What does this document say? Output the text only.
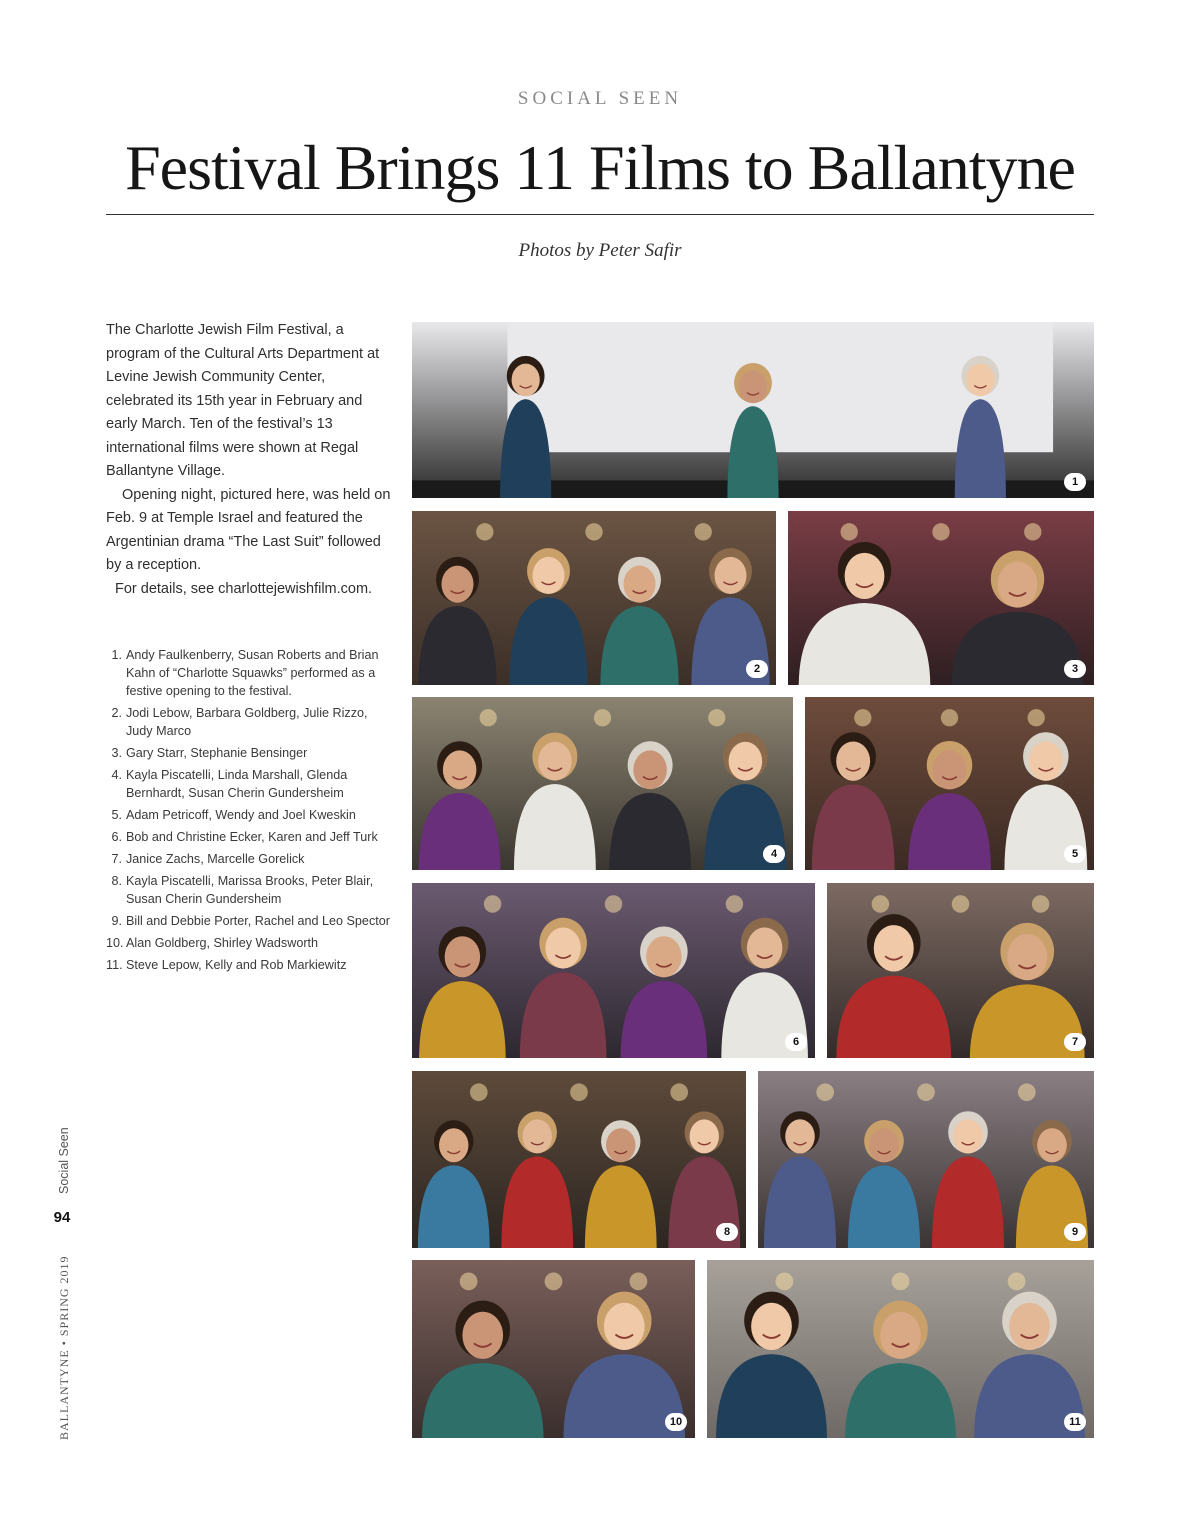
SOCIAL SEEN
Festival Brings 11 Films to Ballantyne
Photos by Peter Safir

The Charlotte Jewish Film Festival, a program of the Cultural Arts Department at Levine Jewish Community Center, celebrated its 15th year in February and early March. Ten of the festival’s 13 international films were shown at Regal Ballantyne Village.

Opening night, pictured here, was held on Feb. 9 at Temple Israel and featured the Argentinian drama “The Last Suit” followed by a reception.

For details, see charlottejewishfilm.com.

1. Andy Faulkenberry, Susan Roberts and Brian Kahn of “Charlotte Squawks” performed as a festive opening to the festival.
2. Jodi Lebow, Barbara Goldberg, Julie Rizzo, Judy Marco
3. Gary Starr, Stephanie Bensinger
4. Kayla Piscatelli, Linda Marshall, Glenda Bernhardt, Susan Cherin Gundersheim
5. Adam Petricoff, Wendy and Joel Kweskin
6. Bob and Christine Ecker, Karen and Jeff Turk
7. Janice Zachs, Marcelle Gorelick
8. Kayla Piscatelli, Marissa Brooks, Peter Blair, Susan Cherin Gundersheim
9. Bill and Debbie Porter, Rachel and Leo Spector
10. Alan Goldberg, Shirley Wadsworth
11. Steve Lepow, Kelly and Rob Markiewitz
1
2	3
4	5
6	7
8	9
10	11
BALLANTYNE • SPRING 2019
94
Social Seen
